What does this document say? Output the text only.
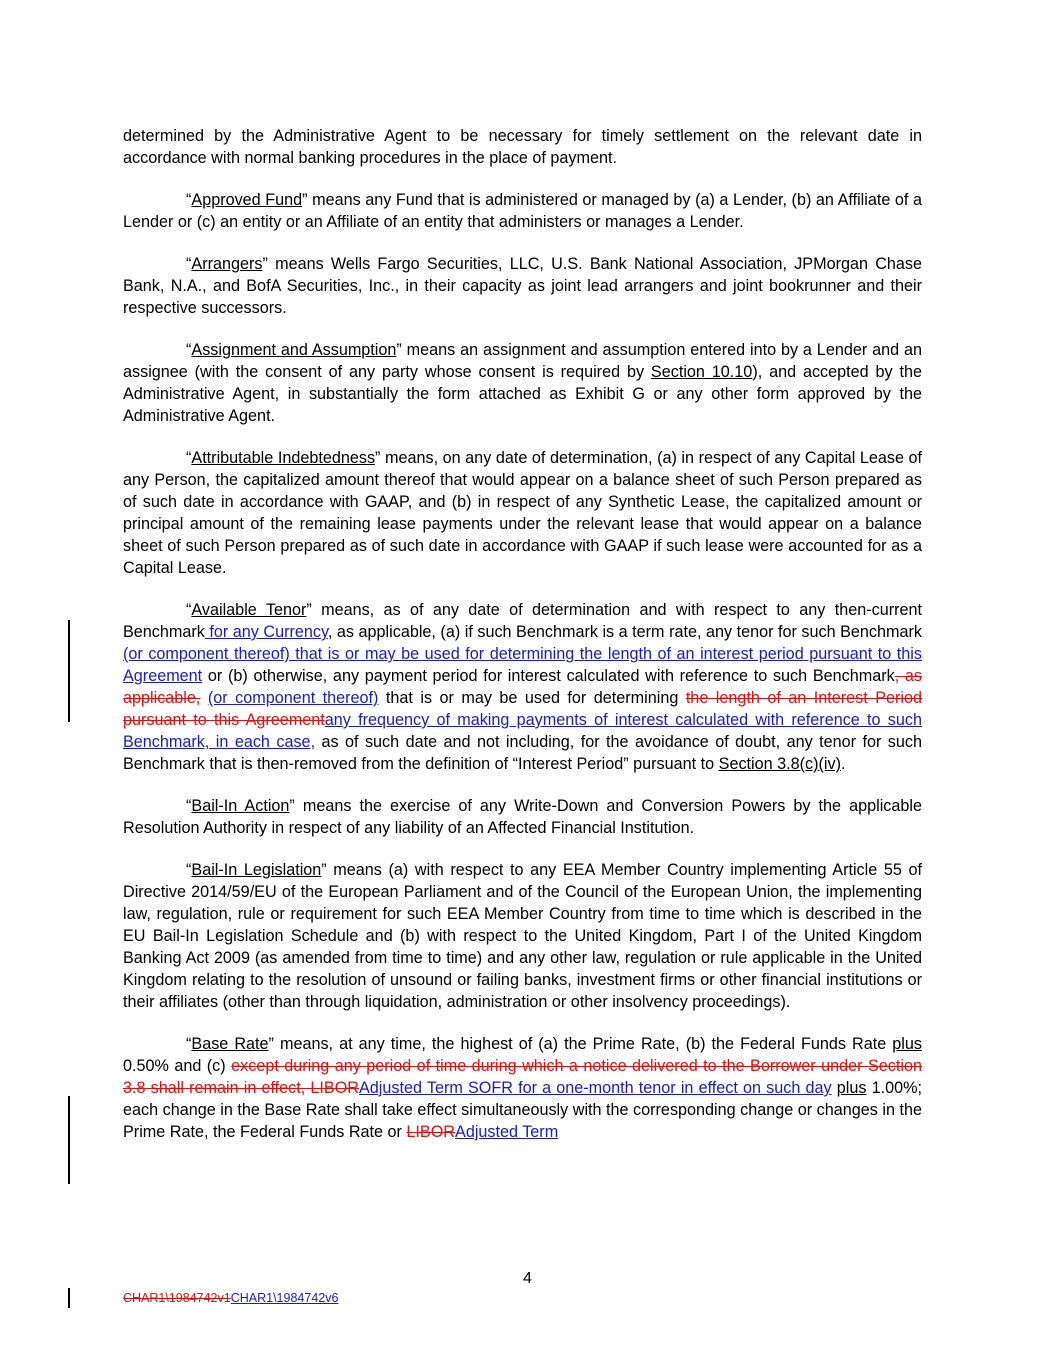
determined by the Administrative Agent to be necessary for timely settlement on the relevant date in accordance with normal banking procedures in the place of payment.

“Approved Fund” means any Fund that is administered or managed by (a) a Lender, (b) an Affiliate of a Lender or (c) an entity or an Affiliate of an entity that administers or manages a Lender.

“Arrangers” means Wells Fargo Securities, LLC, U.S. Bank National Association, JPMorgan Chase Bank, N.A., and BofA Securities, Inc., in their capacity as joint lead arrangers and joint bookrunner and their respective successors.

“Assignment and Assumption” means an assignment and assumption entered into by a Lender and an assignee (with the consent of any party whose consent is required by Section 10.10), and accepted by the Administrative Agent, in substantially the form attached as Exhibit G or any other form approved by the Administrative Agent.

“Attributable Indebtedness” means, on any date of determination, (a) in respect of any Capital Lease of any Person, the capitalized amount thereof that would appear on a balance sheet of such Person prepared as of such date in accordance with GAAP, and (b) in respect of any Synthetic Lease, the capitalized amount or principal amount of the remaining lease payments under the relevant lease that would appear on a balance sheet of such Person prepared as of such date in accordance with GAAP if such lease were accounted for as a Capital Lease.

“Available Tenor” means, as of any date of determination and with respect to any then-current Benchmark for any Currency, as applicable, (a) if such Benchmark is a term rate, any tenor for such Benchmark (or component thereof) that is or may be used for determining the length of an interest period pursuant to this Agreement or (b) otherwise, any payment period for interest calculated with reference to such Benchmark, as applicable, (or component thereof) that is or may be used for determining the length of an Interest Period pursuant to this Agreementany frequency of making payments of interest calculated with reference to such Benchmark, in each case, as of such date and not including, for the avoidance of doubt, any tenor for such Benchmark that is then-removed from the definition of “Interest Period” pursuant to Section 3.8(c)(iv).

“Bail-In Action” means the exercise of any Write-Down and Conversion Powers by the applicable Resolution Authority in respect of any liability of an Affected Financial Institution.

“Bail-In Legislation” means (a) with respect to any EEA Member Country implementing Article 55 of Directive 2014/59/EU of the European Parliament and of the Council of the European Union, the implementing law, regulation, rule or requirement for such EEA Member Country from time to time which is described in the EU Bail-In Legislation Schedule and (b) with respect to the United Kingdom, Part I of the United Kingdom Banking Act 2009 (as amended from time to time) and any other law, regulation or rule applicable in the United Kingdom relating to the resolution of unsound or failing banks, investment firms or other financial institutions or their affiliates (other than through liquidation, administration or other insolvency proceedings).

“Base Rate” means, at any time, the highest of (a) the Prime Rate, (b) the Federal Funds Rate plus 0.50% and (c) except during any period of time during which a notice delivered to the Borrower under Section 3.8 shall remain in effect, LIBORAdjusted Term SOFR for a one-month tenor in effect on such day plus 1.00%; each change in the Base Rate shall take effect simultaneously with the corresponding change or changes in the Prime Rate, the Federal Funds Rate or LIBORAdjusted Term

4
CHAR1\1984742v1CHAR1\1984742v6
